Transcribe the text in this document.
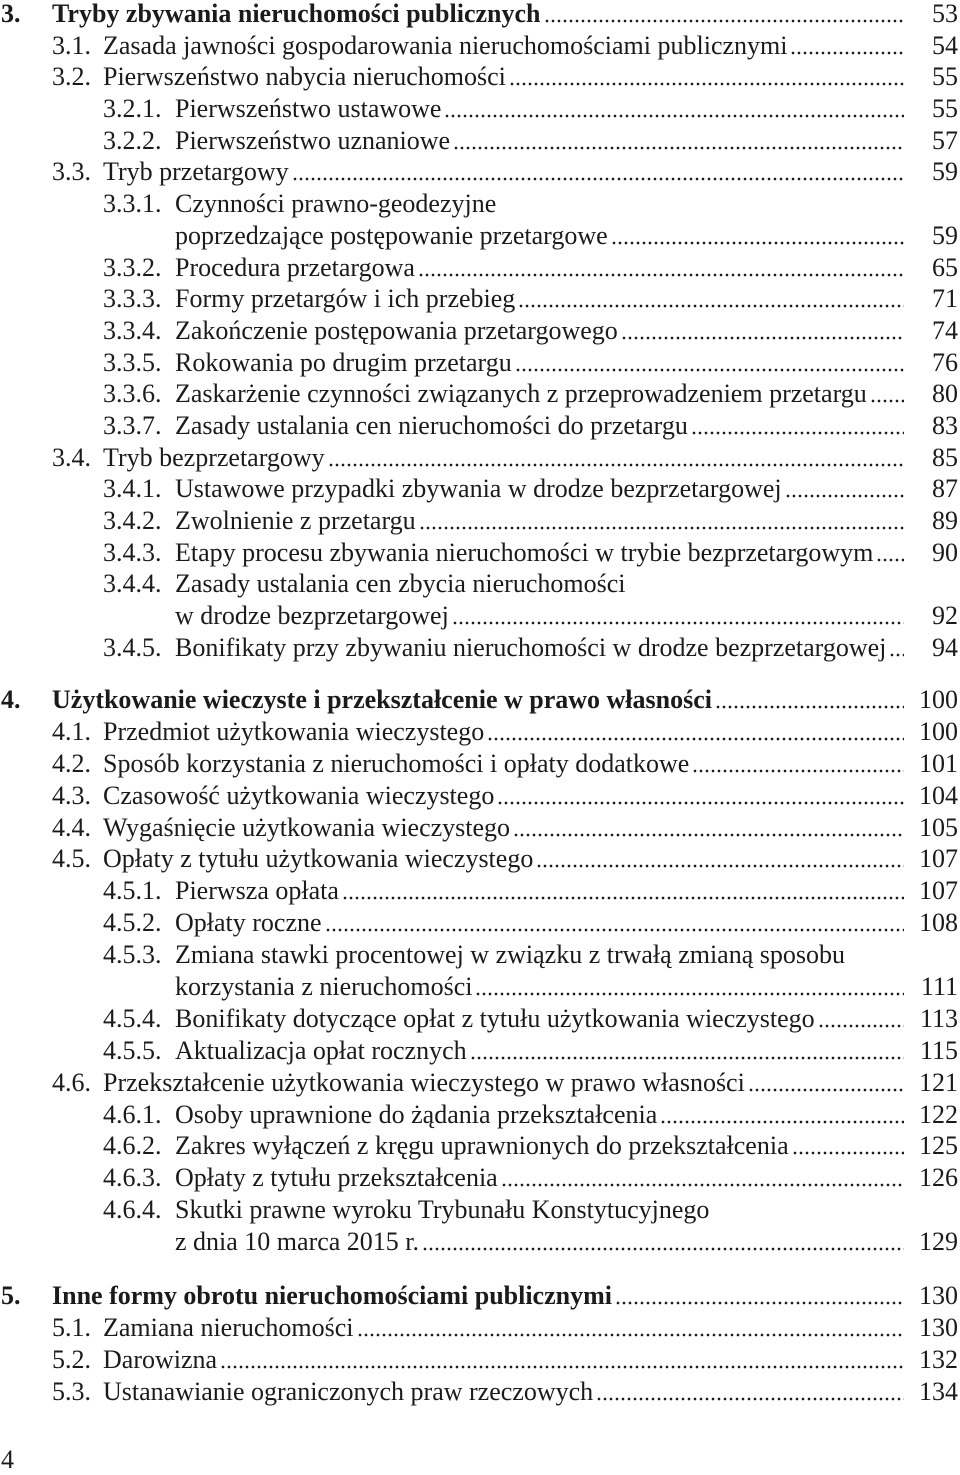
3.	Tryby zbywania nieruchomości publicznych	53
3.1. Zasada jawności gospodarowania nieruchomościami publicznymi	54
3.2. Pierwszeństwo nabycia nieruchomości	55
3.2.1. Pierwszeństwo ustawowe	55
3.2.2. Pierwszeństwo uznaniowe	57
3.3. Tryb przetargowy	59
3.3.1. Czynności prawno-geodezyjne
poprzedzające postępowanie przetargowe	59
3.3.2. Procedura przetargowa	65
3.3.3. Formy przetargów i ich przebieg	71
3.3.4. Zakończenie postępowania przetargowego	74
3.3.5. Rokowania po drugim przetargu	76
3.3.6. Zaskarżenie czynności związanych z przeprowadzeniem przetargu	80
3.3.7. Zasady ustalania cen nieruchomości do przetargu	83
3.4. Tryb bezprzetargowy	85
3.4.1. Ustawowe przypadki zbywania w drodze bezprzetargowej	87
3.4.2. Zwolnienie z przetargu	89
3.4.3. Etapy procesu zbywania nieruchomości w trybie bezprzetargowym	90
3.4.4. Zasady ustalania cen zbycia nieruchomości
w drodze bezprzetargowej	92
3.4.5. Bonifikaty przy zbywaniu nieruchomości w drodze bezprzetargowej	94
4.	Użytkowanie wieczyste i przekształcenie w prawo własności	100
4.1. Przedmiot użytkowania wieczystego	100
4.2. Sposób korzystania z nieruchomości i opłaty dodatkowe	101
4.3. Czasowość użytkowania wieczystego	104
4.4. Wygaśnięcie użytkowania wieczystego	105
4.5. Opłaty z tytułu użytkowania wieczystego	107
4.5.1. Pierwsza opłata	107
4.5.2. Opłaty roczne	108
4.5.3. Zmiana stawki procentowej w związku z trwałą zmianą sposobu
korzystania z nieruchomości	111
4.5.4. Bonifikaty dotyczące opłat z tytułu użytkowania wieczystego	113
4.5.5. Aktualizacja opłat rocznych	115
4.6. Przekształcenie użytkowania wieczystego w prawo własności	121
4.6.1. Osoby uprawnione do żądania przekształcenia	122
4.6.2. Zakres wyłączeń z kręgu uprawnionych do przekształcenia	125
4.6.3. Opłaty z tytułu przekształcenia	126
4.6.4. Skutki prawne wyroku Trybunału Konstytucyjnego
z dnia 10 marca 2015 r.	129
5.	Inne formy obrotu nieruchomościami publicznymi	130
5.1. Zamiana nieruchomości	130
5.2. Darowizna	132
5.3. Ustanawianie ograniczonych praw rzeczowych	134
4
